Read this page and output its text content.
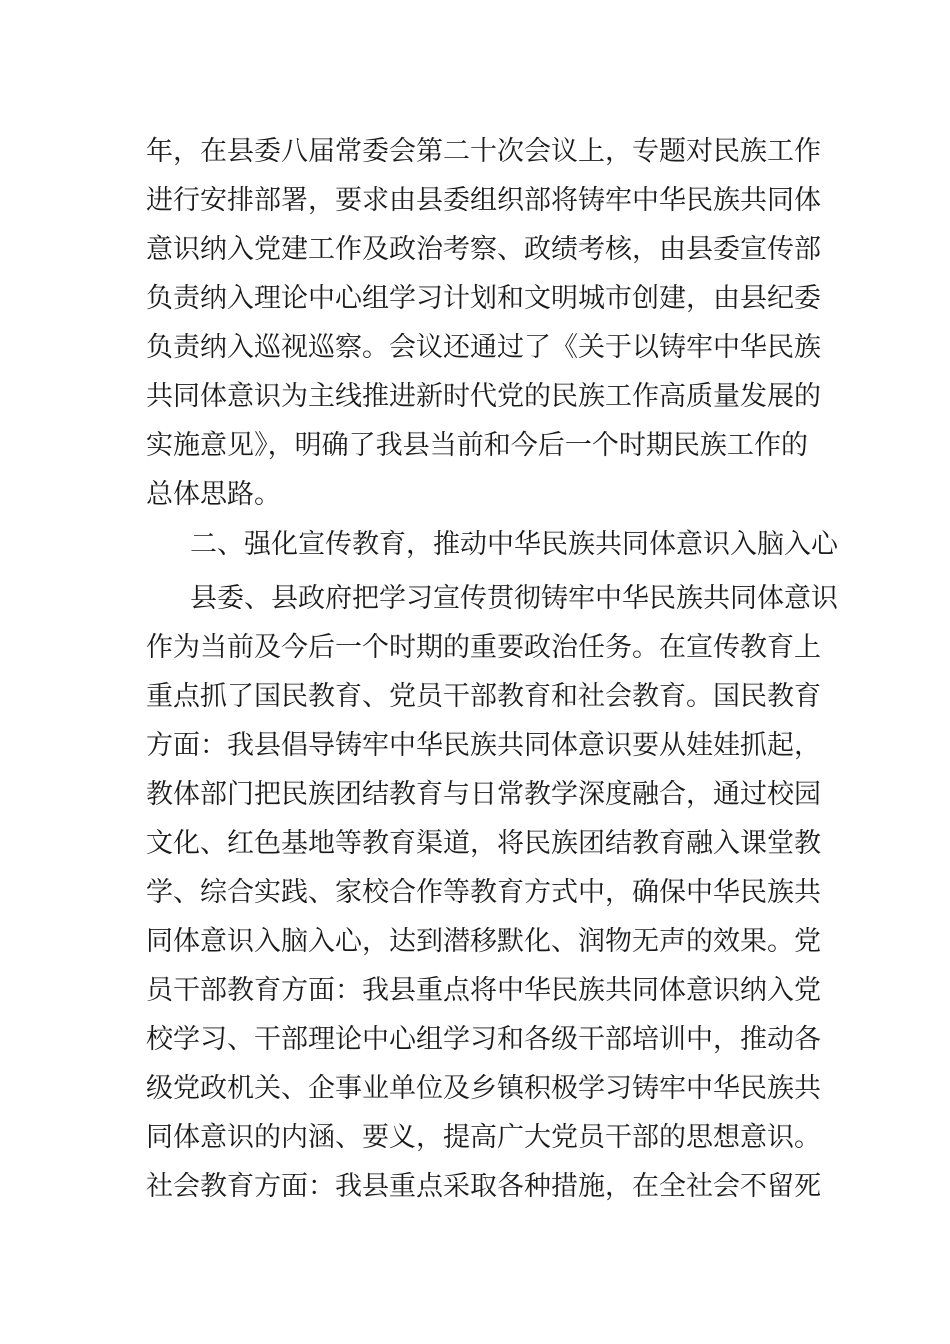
年，在县委八届常委会第二十次会议上，专题对民族工作
进行安排部署，要求由县委组织部将铸牢中华民族共同体
意识纳入党建工作及政治考察、政绩考核，由县委宣传部
负责纳入理论中心组学习计划和文明城市创建，由县纪委
负责纳入巡视巡察。会议还通过了《关于以铸牢中华民族
共同体意识为主线推进新时代党的民族工作高质量发展的
实施意见》，明确了我县当前和今后一个时期民族工作的
总体思路。
二、强化宣传教育，推动中华民族共同体意识入脑入心
县委、县政府把学习宣传贯彻铸牢中华民族共同体意识
作为当前及今后一个时期的重要政治任务。在宣传教育上
重点抓了国民教育、党员干部教育和社会教育。国民教育
方面：我县倡导铸牢中华民族共同体意识要从娃娃抓起，
教体部门把民族团结教育与日常教学深度融合，通过校园
文化、红色基地等教育渠道，将民族团结教育融入课堂教
学、综合实践、家校合作等教育方式中，确保中华民族共
同体意识入脑入心，达到潜移默化、润物无声的效果。党
员干部教育方面：我县重点将中华民族共同体意识纳入党
校学习、干部理论中心组学习和各级干部培训中，推动各
级党政机关、企事业单位及乡镇积极学习铸牢中华民族共
同体意识的内涵、要义，提高广大党员干部的思想意识。
社会教育方面：我县重点采取各种措施，在全社会不留死
